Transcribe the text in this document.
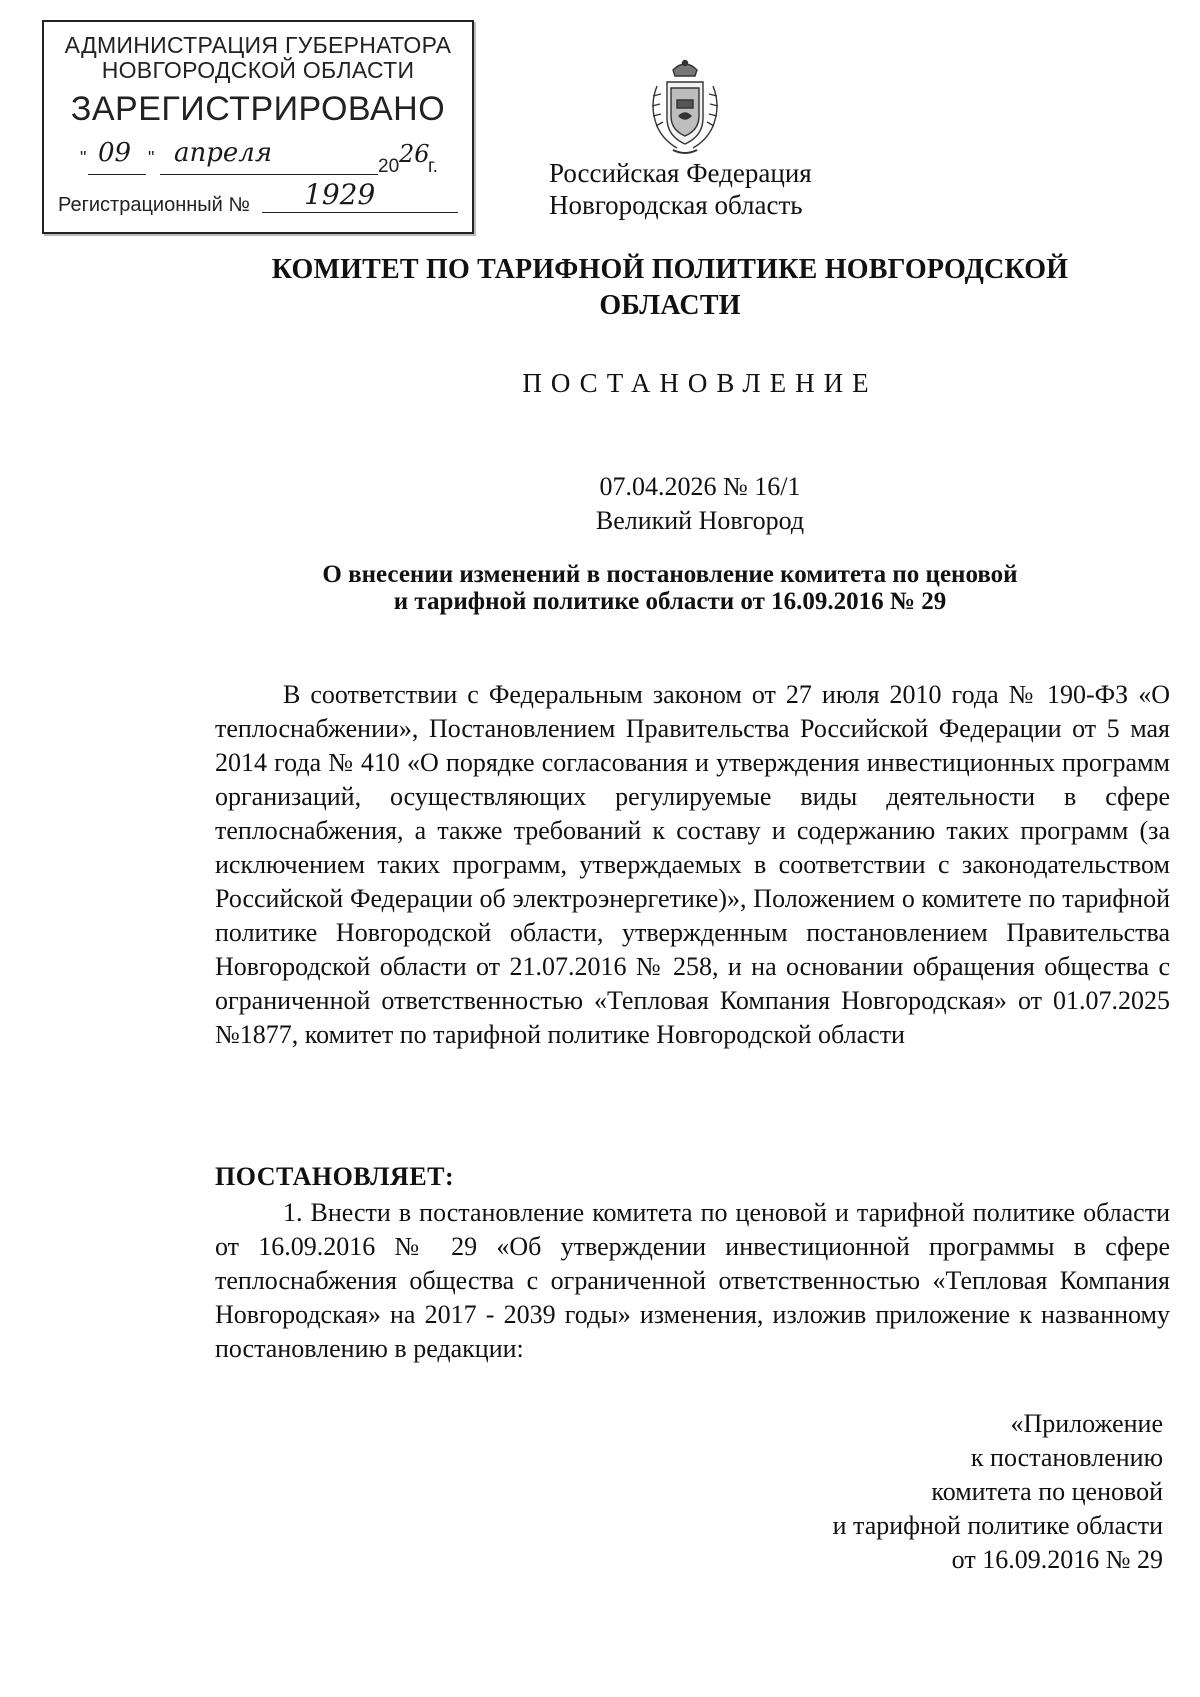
АДМИНИСТРАЦИЯ ГУБЕРНАТОРА
НОВГОРОДСКОЙ ОБЛАСТИ
ЗАРЕГИСТРИРОВАНО
" 09 " апреля	20 26
г.
Регистрационный № 1929
Российская Федерация
Новгородская область
КОМИТЕТ ПО ТАРИФНОЙ ПОЛИТИКЕ НОВГОРОДСКОЙ
ОБЛАСТИ
ПОСТАНОВЛЕНИЕ
07.04.2026 № 16/1
Великий Новгород
О внесении изменений в постановление комитета по ценовой
и тарифной политике области от 16.09.2016 № 29

В соответствии с Федеральным законом от 27 июля 2010 года № 190-ФЗ «О теплоснабжении», Постановлением Правительства Российской Федерации от 5 мая 2014 года № 410 «О порядке согласования и утверждения инвестиционных программ организаций, осуществляющих регулируемые виды деятельности в сфере теплоснабжения, а также требований к составу и содержанию таких программ (за исключением таких программ, утверждаемых в соответствии с законодательством Российской Федерации об электроэнергетике)», Положением о комитете по тарифной политике Новгородской области, утвержденным постановлением Правительства Новгородской области от 21.07.2016 № 258, и на основании обращения общества с ограниченной ответственностью «Тепловая Компания Новгородская» от 01.07.2025 №1877, комитет по тарифной политике Новгородской области

ПОСТАНОВЛЯЕТ:

1. Внести в постановление комитета по ценовой и тарифной политике области от 16.09.2016 № 29 «Об утверждении инвестиционной программы в сфере теплоснабжения общества с ограниченной ответственностью «Тепловая Компания Новгородская» на 2017 - 2039 годы» изменения, изложив приложение к названному постановлению в редакции:

«Приложение
к постановлению
комитета по ценовой
и тарифной политике области
от 16.09.2016 № 29
